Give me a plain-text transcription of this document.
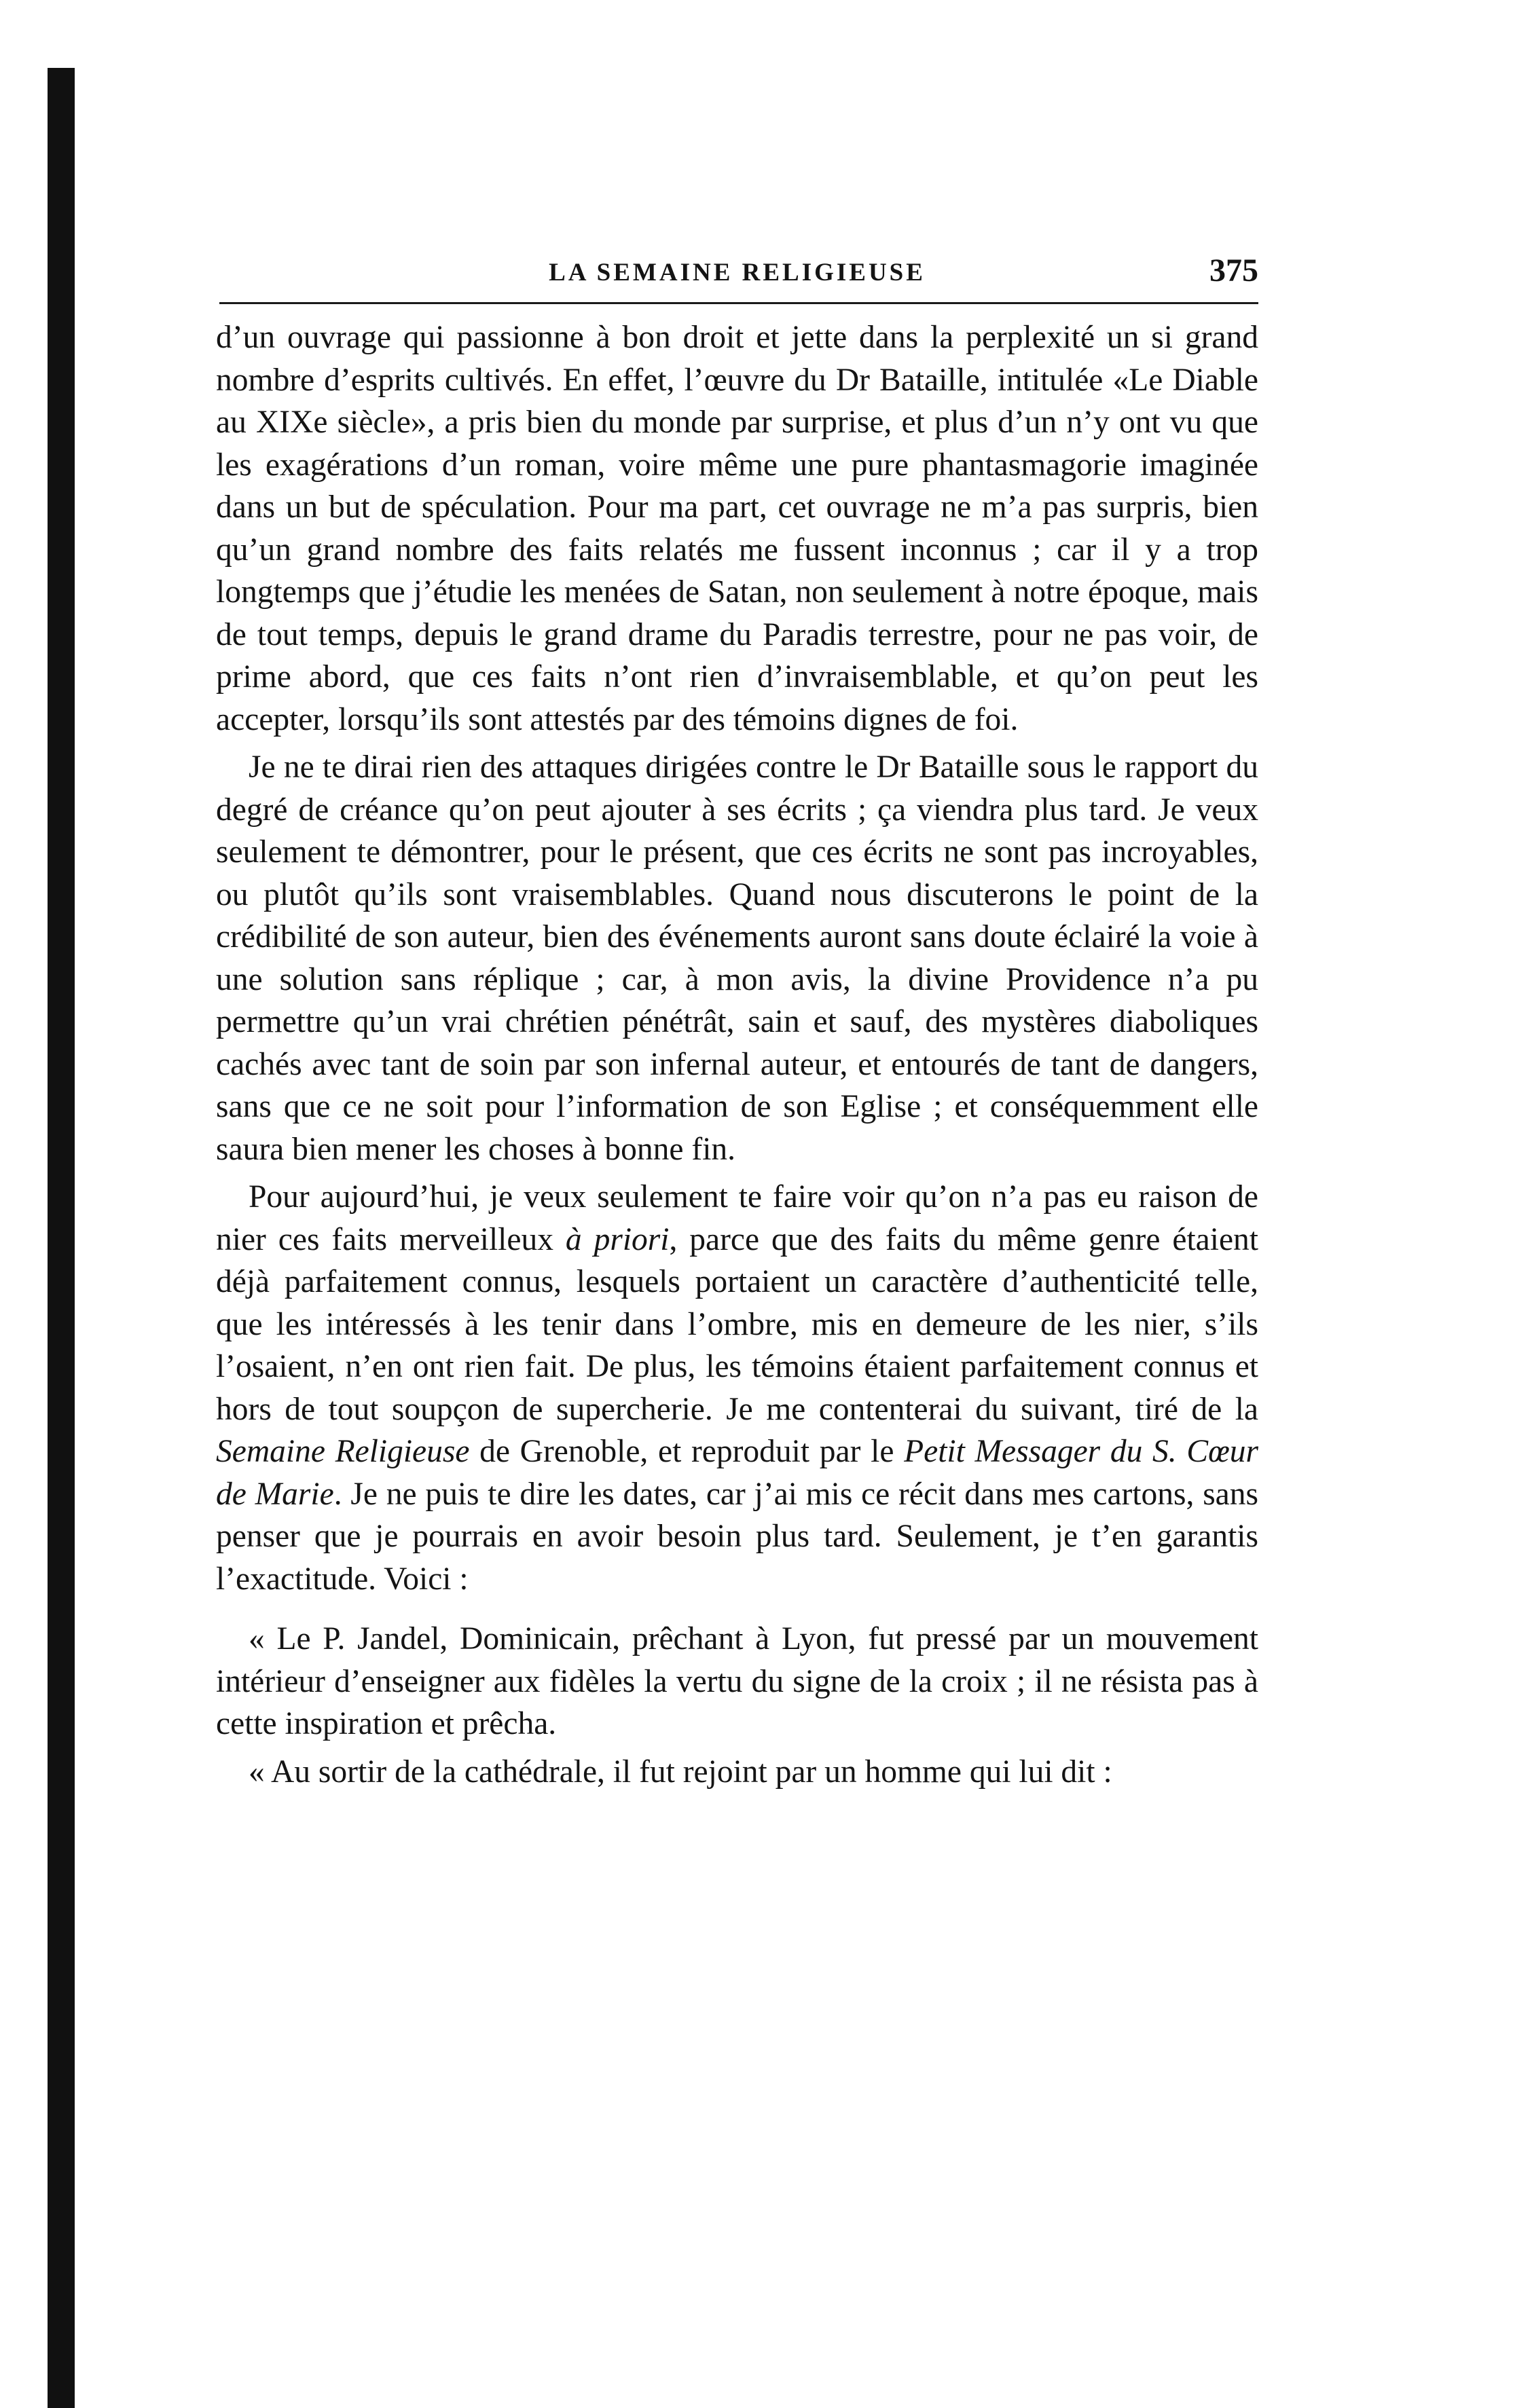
LA SEMAINE RELIGIEUSE	375

d’un ouvrage qui passionne à bon droit et jette dans la perplexité un si grand nombre d’esprits cultivés. En effet, l’œuvre du Dr Bataille, intitulée «Le Diable au XIXe siècle», a pris bien du monde par surprise, et plus d’un n’y ont vu que les exagérations d’un roman, voire même une pure phantasmagorie imaginée dans un but de spéculation. Pour ma part, cet ouvrage ne m’a pas surpris, bien qu’un grand nombre des faits relatés me fussent inconnus ; car il y a trop longtemps que j’étudie les menées de Satan, non seulement à notre époque, mais de tout temps, depuis le grand drame du Paradis terrestre, pour ne pas voir, de prime abord, que ces faits n’ont rien d’invraisemblable, et qu’on peut les accepter, lorsqu’ils sont attestés par des témoins dignes de foi.

Je ne te dirai rien des attaques dirigées contre le Dr Bataille sous le rapport du degré de créance qu’on peut ajouter à ses écrits ; ça viendra plus tard. Je veux seulement te démontrer, pour le présent, que ces écrits ne sont pas incroyables, ou plutôt qu’ils sont vraisemblables. Quand nous discuterons le point de la crédibilité de son auteur, bien des événements auront sans doute éclairé la voie à une solution sans réplique ; car, à mon avis, la divine Providence n’a pu permettre qu’un vrai chrétien pénétrât, sain et sauf, des mystères diaboliques cachés avec tant de soin par son infernal auteur, et entourés de tant de dangers, sans que ce ne soit pour l’information de son Eglise ; et conséquemment elle saura bien mener les choses à bonne fin.

Pour aujourd’hui, je veux seulement te faire voir qu’on n’a pas eu raison de nier ces faits merveilleux à priori, parce que des faits du même genre étaient déjà parfaitement connus, lesquels portaient un caractère d’authenticité telle, que les intéressés à les tenir dans l’ombre, mis en demeure de les nier, s’ils l’osaient, n’en ont rien fait. De plus, les témoins étaient parfaitement connus et hors de tout soupçon de supercherie. Je me contenterai du suivant, tiré de la Semaine Religieuse de Grenoble, et reproduit par le Petit Messager du S. Cœur de Marie. Je ne puis te dire les dates, car j’ai mis ce récit dans mes cartons, sans penser que je pourrais en avoir besoin plus tard. Seulement, je t’en garantis l’exactitude. Voici :

« Le P. Jandel, Dominicain, prêchant à Lyon, fut pressé par un mouvement intérieur d’enseigner aux fidèles la vertu du signe de la croix ; il ne résista pas à cette inspiration et prêcha.

« Au sortir de la cathédrale, il fut rejoint par un homme qui lui dit :
